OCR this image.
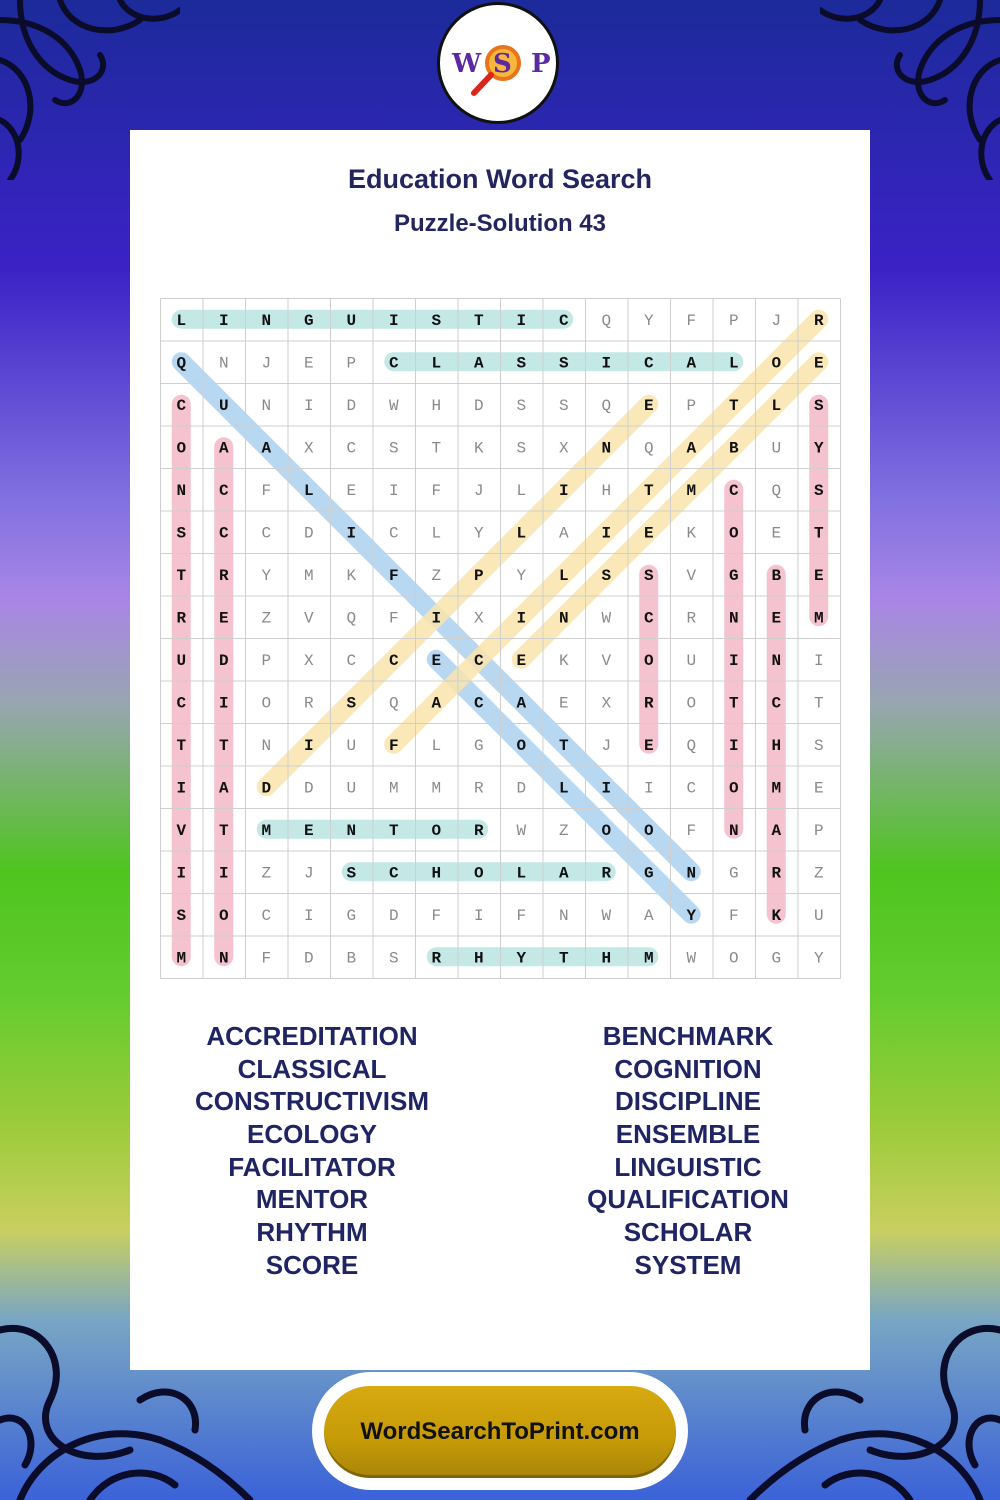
W S P
Education Word Search
Puzzle-Solution 43
L I N G U I S T I C Q Y F P J R
Q N J E P C L A S S I C A L O E
C U N I D W H D S S Q E P T L S
O A A X C S T K S X N Q A B U Y
N C F L E I F J L I H T M C Q S
S C C D I C L Y L A I E K O E T
T R Y M K F Z P Y L S S V G B E
R E Z V Q F I X I N W C R N E M
U D P X C C E C E K V O U I N I
C I O R S Q A C A E X R O T C T
T T N I U F L G O T J E Q I H S
I A D D U M M R D L I I C O M E
V T M E N T O R W Z O O F N A P
I I Z J S C H O L A R G N G R Z
S O C I G D F I F N W A Y F K U
M N F D B S R H Y T H M W O G Y
ACCREDITATION
CLASSICAL
CONSTRUCTIVISM
ECOLOGY
FACILITATOR
MENTOR
RHYTHM
SCORE
BENCHMARK
COGNITION
DISCIPLINE
ENSEMBLE
LINGUISTIC
QUALIFICATION
SCHOLAR
SYSTEM
WordSearchToPrint.com
